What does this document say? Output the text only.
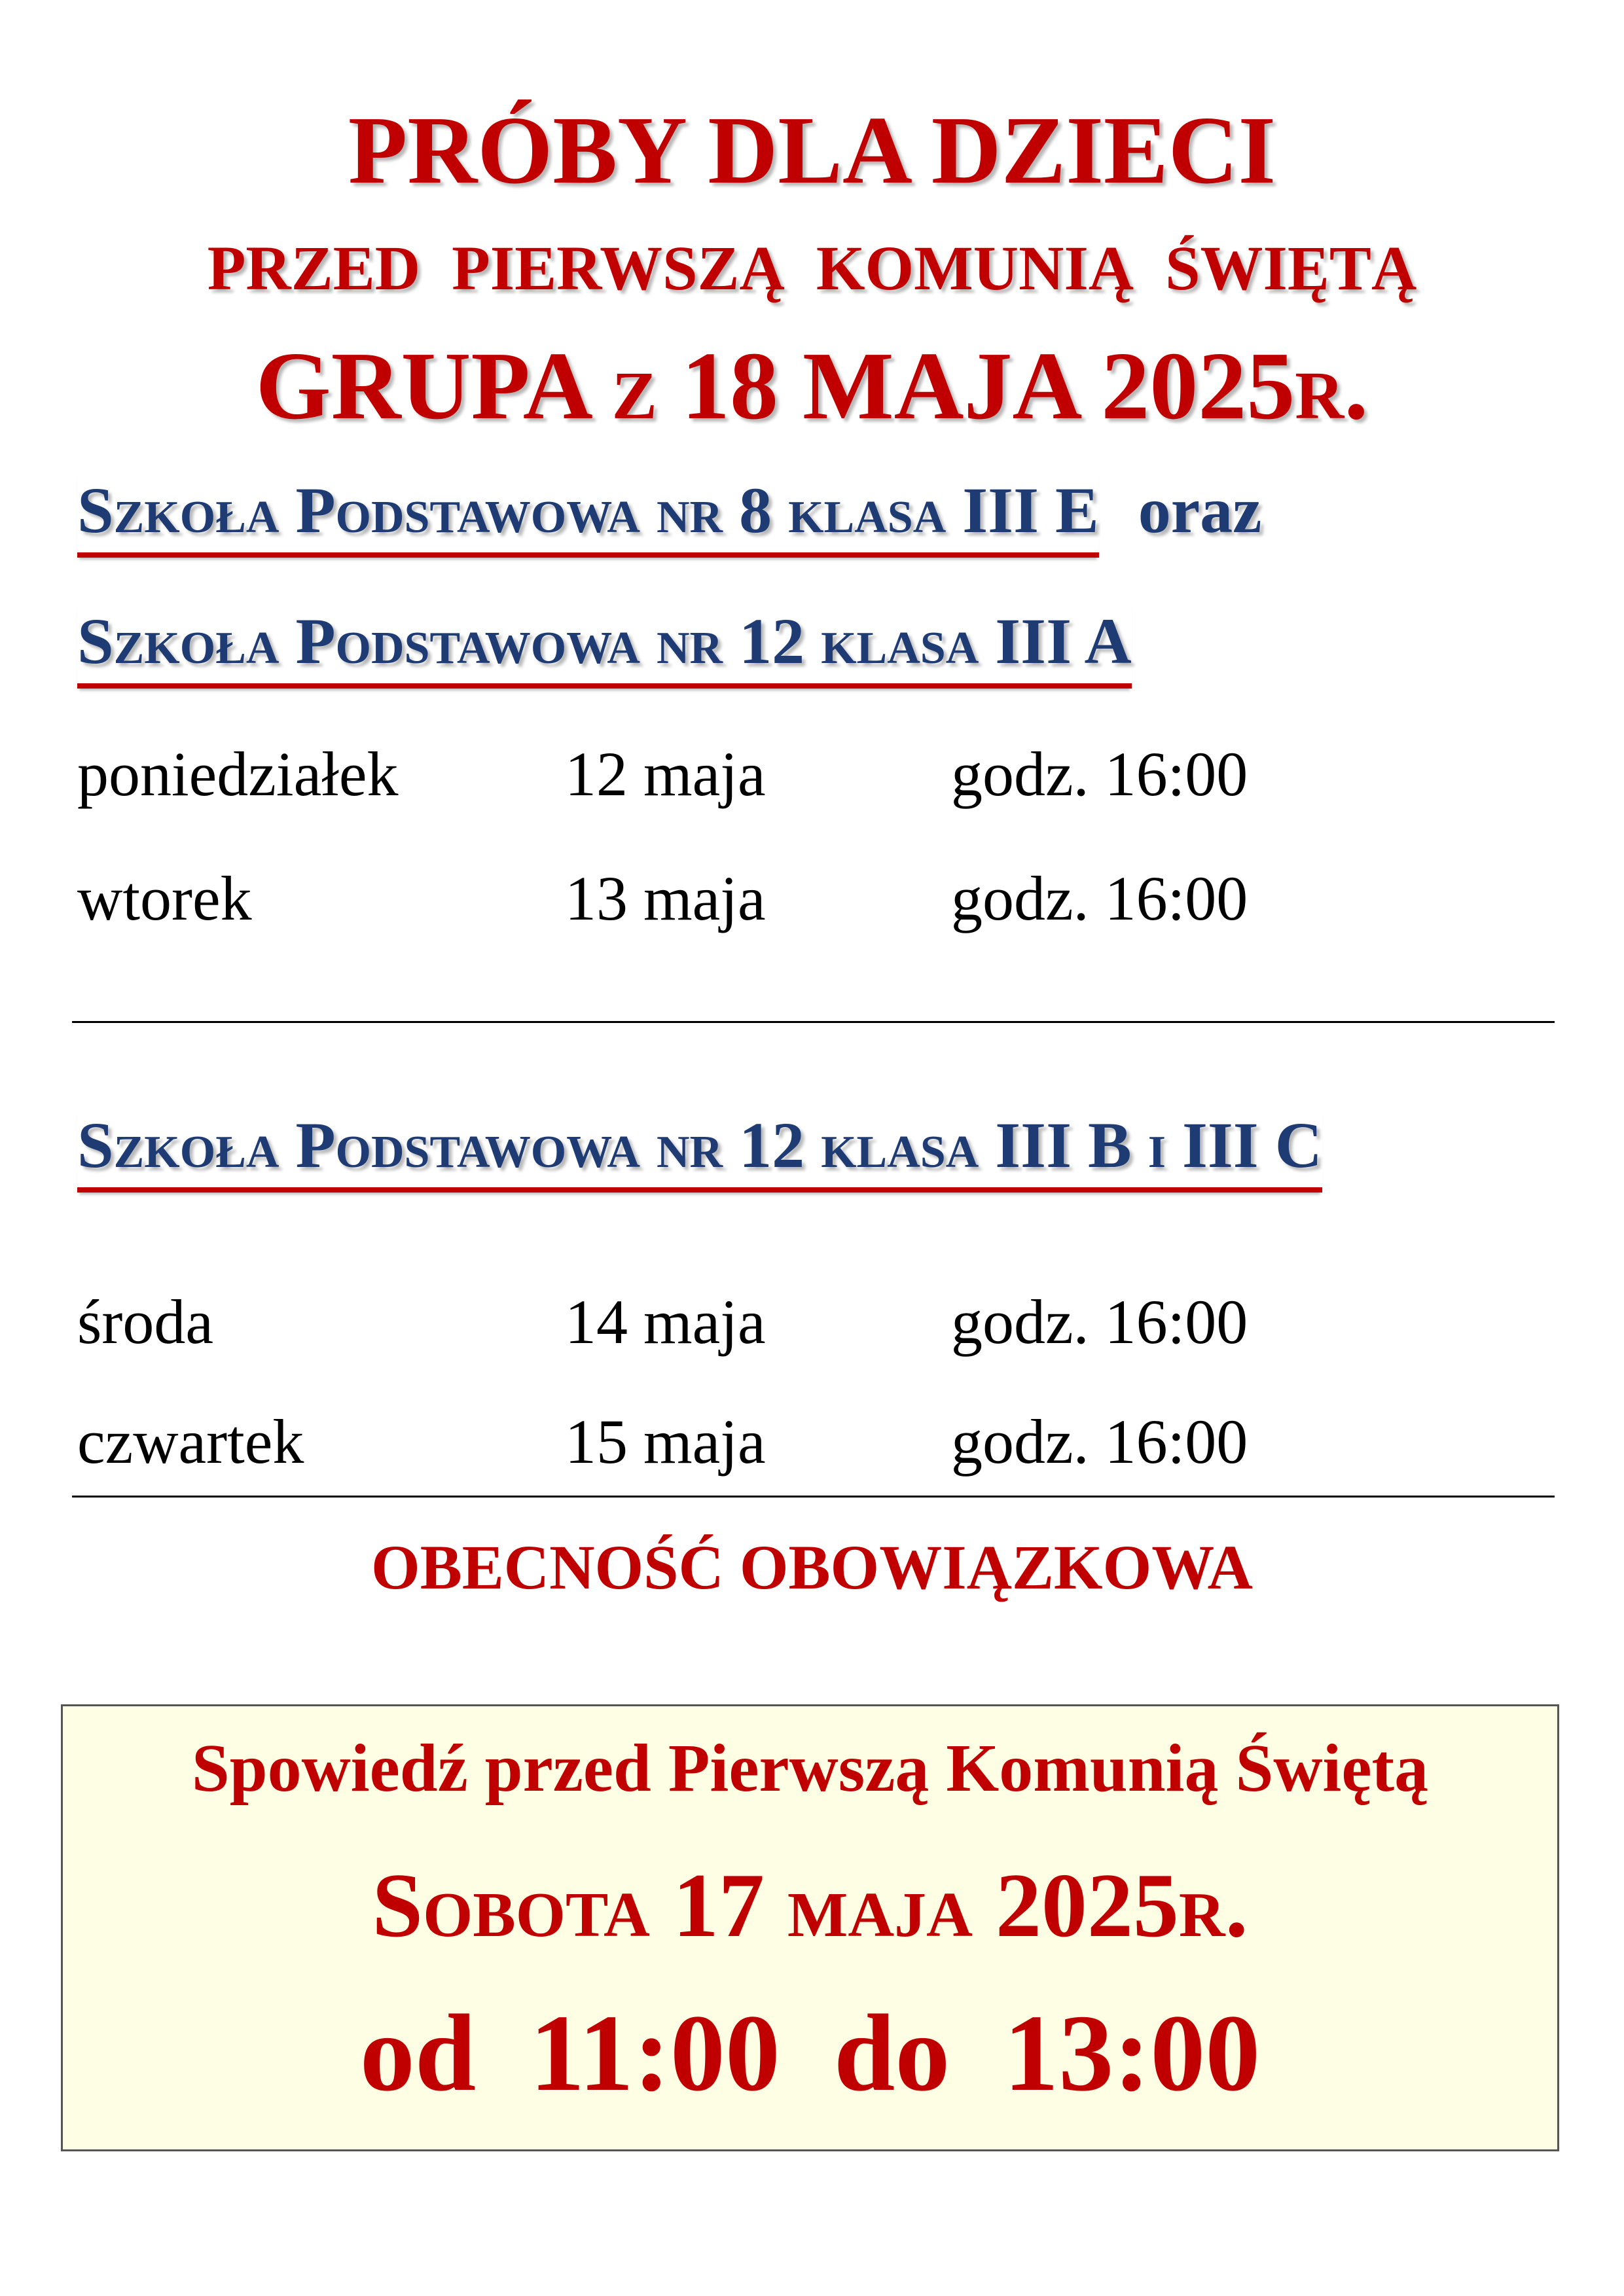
PRÓBY DLA DZIECI
PRZED PIERWSZĄ KOMUNIĄ ŚWIĘTĄ
GRUPA z 18 MAJA 2025r.
Szkoła Podstawowa nr 8 klasa III E oraz
Szkoła Podstawowa nr 12 klasa III A
poniedziałek	12 maja	godz. 16:00
wtorek	13 maja	godz. 16:00
Szkoła Podstawowa nr 12 klasa III B i III C
środa	14 maja	godz. 16:00
czwartek	15 maja	godz. 16:00
OBECNOŚĆ OBOWIĄZKOWA
Spowiedź przed Pierwszą Komunią Świętą
Sobota 17 maja 2025r.
od 11:00 do 13:00
